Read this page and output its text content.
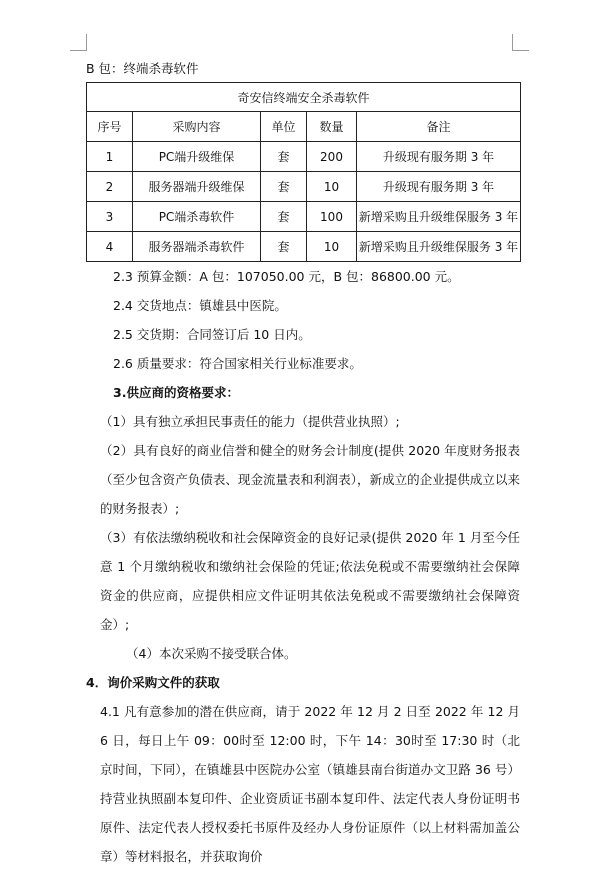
B 包：终端杀毒软件
奇安信终端安全杀毒软件				
序号	采购内容	单位	数量	备注
1	PC端升级维保	套	200	升级现有服务期 3 年
2	服务器端升级维保	套	10	升级现有服务期 3 年
3	PC端杀毒软件	套	100	新增采购且升级维保服务 3 年
4	服务器端杀毒软件	套	10	新增采购且升级维保服务 3 年
2.3 预算金额：A 包：107050.00 元，B 包：86800.00 元。
2.4 交货地点：镇雄县中医院。
2.5 交货期：合同签订后 10 日内。
2.6 质量要求：符合国家相关行业标准要求。
3.供应商的资格要求：
（1）具有独立承担民事责任的能力（提供营业执照）;
（2）具有良好的商业信誉和健全的财务会计制度(提供 2020 年度财务报表（至少包含资产负债表、现金流量表和利润表），新成立的企业提供成立以来的财务报表）;
（3）有依法缴纳税收和社会保障资金的良好记录(提供 2020 年 1 月至今任意 1 个月缴纳税收和缴纳社会保险的凭证;依法免税或不需要缴纳社会保障资金的供应商，应提供相应文件证明其依法免税或不需要缴纳社会保障资金）;
（4）本次采购不接受联合体。
4．询价采购文件的获取
4.1 凡有意参加的潜在供应商，请于 2022 年 12 月 2 日至 2022 年 12 月 6 日，每日上午 09：00时至 12:00 时，下午 14：30时至 17:30 时（北京时间，下同），在镇雄县中医院办公室（镇雄县南台街道办文卫路 36 号）持营业执照副本复印件、企业资质证书副本复印件、法定代表人身份证明书原件、法定代表人授权委托书原件及经办人身份证原件（以上材料需加盖公章）等材料报名，并获取询价
